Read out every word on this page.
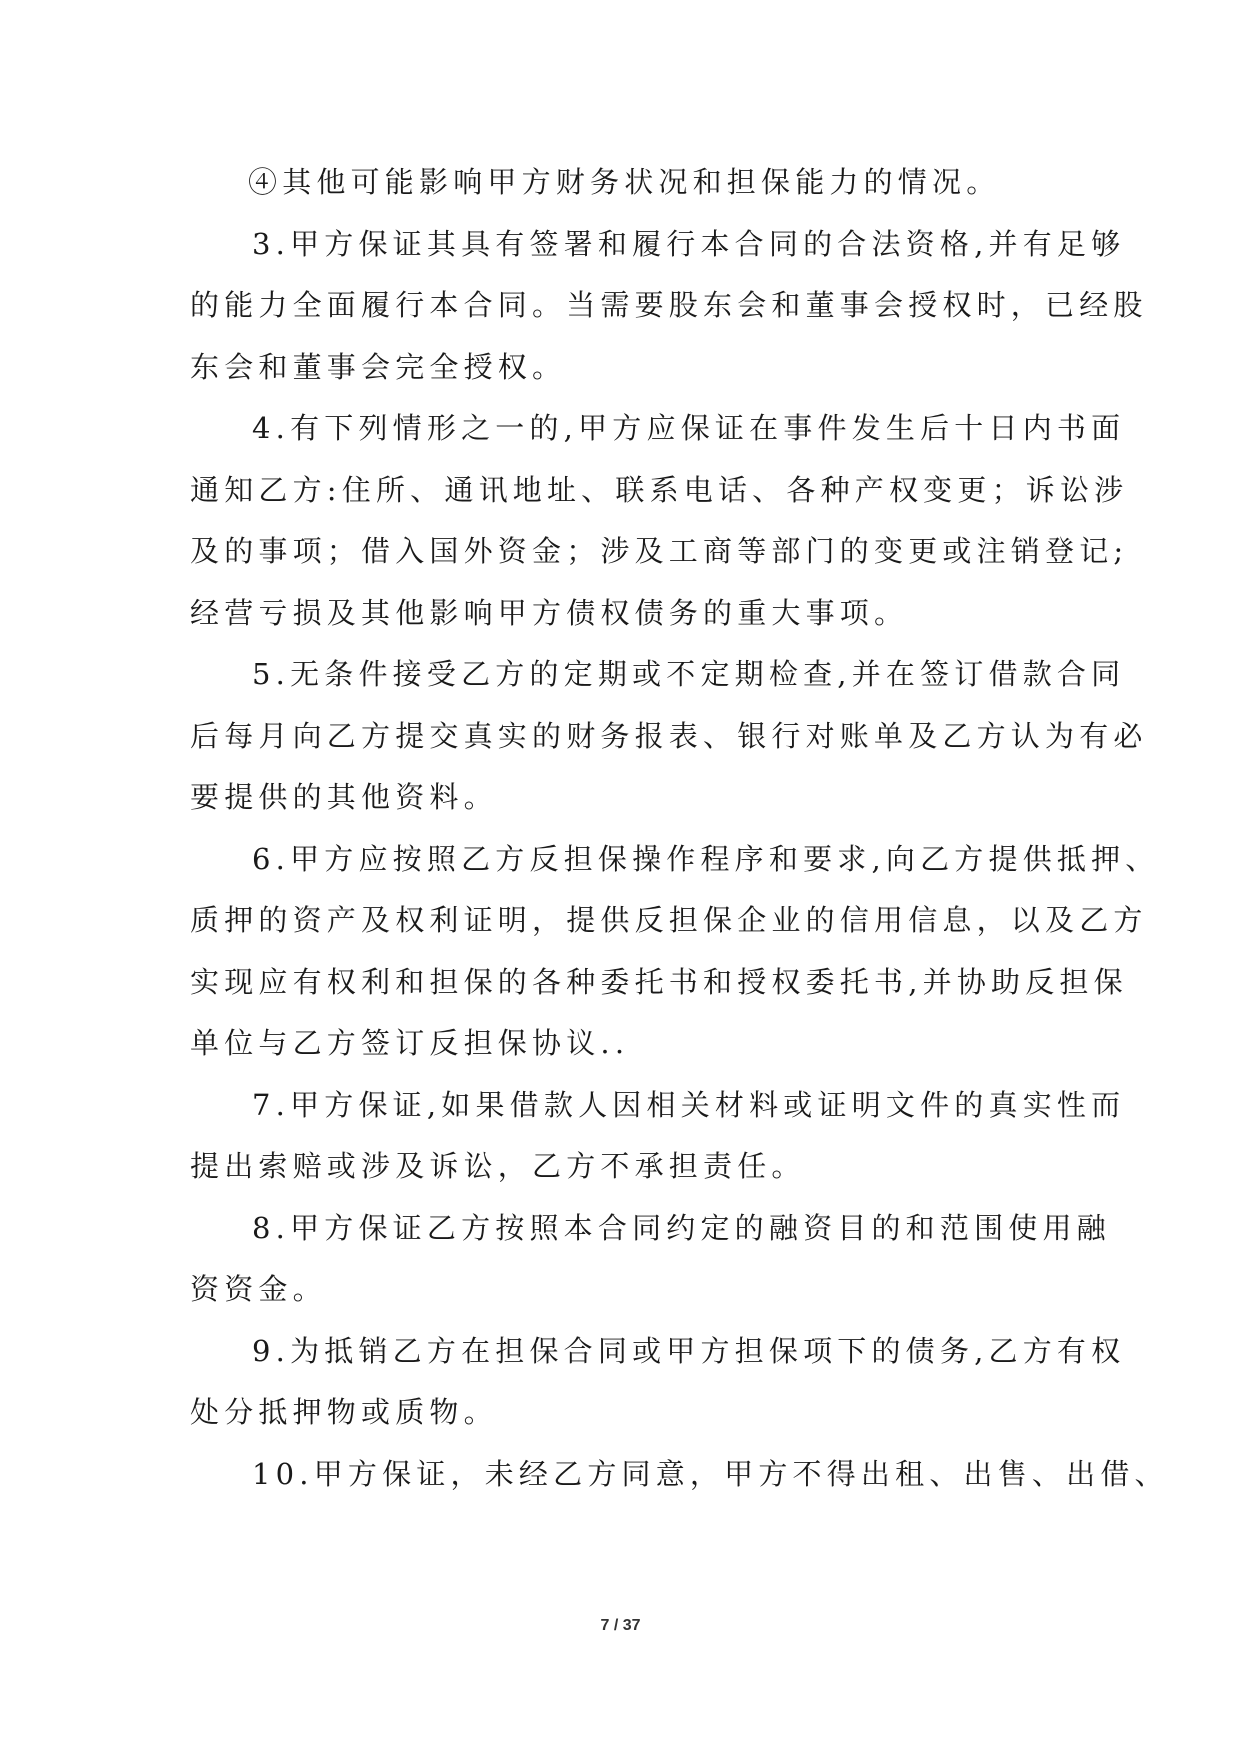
④其他可能影响甲方财务状况和担保能力的情况。
3.甲方保证其具有签署和履行本合同的合法资格,并有足够
的能力全面履行本合同。当需要股东会和董事会授权时，已经股
东会和董事会完全授权。
4.有下列情形之一的,甲方应保证在事件发生后十日内书面
通知乙方:住所、通讯地址、联系电话、各种产权变更；诉讼涉
及的事项；借入国外资金；涉及工商等部门的变更或注销登记;
经营亏损及其他影响甲方债权债务的重大事项。
5.无条件接受乙方的定期或不定期检查,并在签订借款合同
后每月向乙方提交真实的财务报表、银行对账单及乙方认为有必
要提供的其他资料。
6.甲方应按照乙方反担保操作程序和要求,向乙方提供抵押、
质押的资产及权利证明，提供反担保企业的信用信息，以及乙方
实现应有权利和担保的各种委托书和授权委托书,并协助反担保
单位与乙方签订反担保协议..
7.甲方保证,如果借款人因相关材料或证明文件的真实性而
提出索赔或涉及诉讼，乙方不承担责任。
8.甲方保证乙方按照本合同约定的融资目的和范围使用融
资资金。
9.为抵销乙方在担保合同或甲方担保项下的债务,乙方有权
处分抵押物或质物。
10.甲方保证，未经乙方同意，甲方不得出租、出售、出借、
7 / 37
